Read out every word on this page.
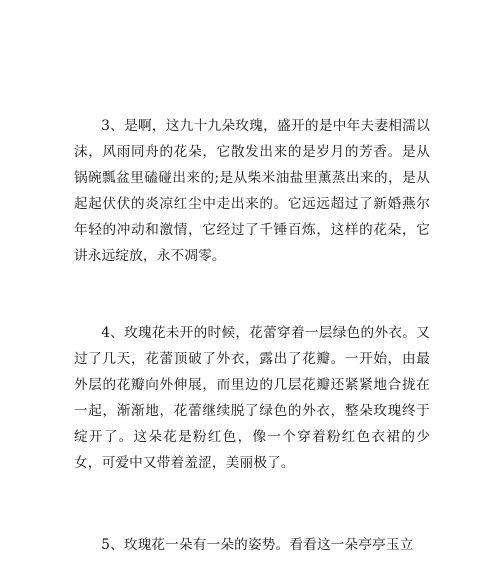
3、是啊，这九十九朵玫瑰，盛开的是中年夫妻相濡以沫，风雨同舟的花朵，它散发出来的是岁月的芳香。是从锅碗瓢盆里磕碰出来的;是从柴米油盐里薰蒸出来的，是从起起伏伏的炎凉红尘中走出来的。它远远超过了新婚燕尔年轻的冲动和激情，它经过了千锤百炼，这样的花朵，它讲永远绽放，永不凋零。

4、玫瑰花未开的时候，花蕾穿着一层绿色的外衣。又过了几天，花蕾顶破了外衣，露出了花瓣。一开始，由最外层的花瓣向外伸展，而里边的几层花瓣还紧紧地合拢在一起，渐渐地，花蕾继续脱了绿色的外衣，整朵玫瑰终于绽开了。这朵花是粉红色，像一个穿着粉红色衣裙的少女，可爱中又带着羞涩，美丽极了。

5、玫瑰花一朵有一朵的姿势。看看这一朵亭亭玉立
